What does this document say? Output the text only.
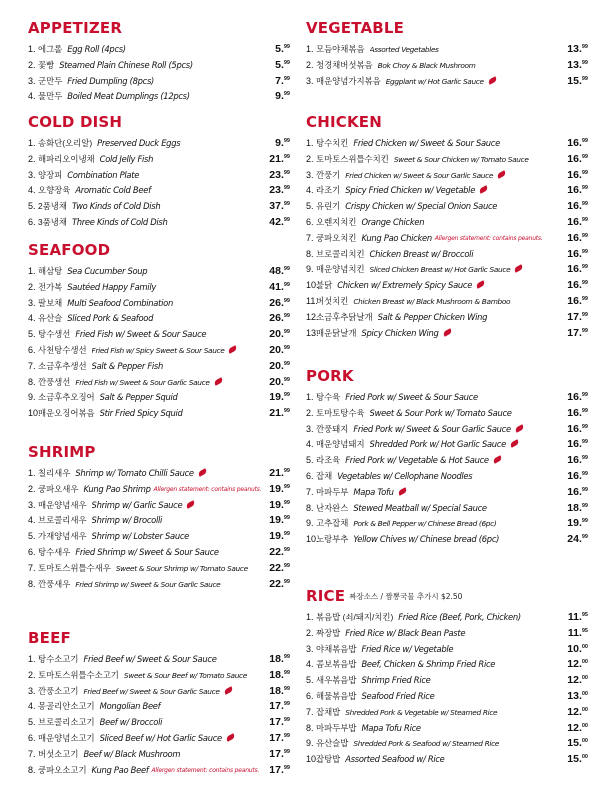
APPETIZER
1. 에그롤 Egg Roll (4pcs)	5.99
2. 꽃빵 Steamed Plain Chinese Roll (5pcs)	5.99
3. 군만두 Fried Dumpling (8pcs)	7.99
4. 물만두 Boiled Meat Dumplings (12pcs)	9.99
COLD DISH
1. 송화단(오리알) Preserved Duck Eggs	9.99
2. 해파리오이냉채 Cold Jelly Fish	21.99
3. 양장피 Combination Plate	23.99
4. 오향장육 Aromatic Cold Beef	23.99
5. 2품냉채 Two Kinds of Cold Dish	37.99
6. 3품냉채 Three Kinds of Cold Dish	42.99
SEAFOOD
1. 해삼탕 Sea Cucumber Soup	48.99
2. 전가복 Sautéed Happy Family	41.99
3. 팔보채 Multi Seafood Combination	26.99
4. 유산슬 Sliced Pork & Seafood	26.99
5. 탕수생선 Fried Fish w/ Sweet & Sour Sauce	20.99
6. 사천탕수생선 Fried Fish w/ Spicy Sweet & Sour Sauce	20.99
7. 소금후추생선 Salt & Pepper Fish	20.99
8. 깐풍생선 Fried Fish w/ Sweet & Sour Garlic Sauce	20.99
9. 소금후추오징어 Salt & Pepper Squid	19.99
10.
매운오징어볶음 Stir Fried Spicy Squid	21.99
SHRIMP
1. 칠리새우 Shrimp w/ Tomato Chilli Sauce	21.99
2. 쿵파오새우 Kung Pao Shrimp Allergen statement: contains peanuts. 19.99
3. 매운양념새우 Shrimp w/ Garlic Sauce	19.99
4. 브로콜리새우 Shrimp w/ Brocolli	19.99
5. 가재양념새우 Shrimp w/ Lobster Sauce	19.99
6. 탕수새우 Fried Shrimp w/ Sweet & Sour Sauce	22.99
7. 토마토스위틀수새우 Sweet & Sour Shrimp w/ Tomato Sauce	22.99
8. 깐풍새우 Fried Shrimp w/ Sweet & Sour Garlic Sauce	22.99
BEEF
1. 탕수소고기 Fried Beef w/ Sweet & Sour Sauce	18.99
2. 토마토스위틀수소고기 Sweet & Sour Beef w/ Tomato Sauce	18.99
3. 깐풍소고기 Fried Beef w/ Sweet & Sour Garlic Sauce	18.99
4. 몽골리안소고기 Mongolian Beef	17.99
5. 브로콜리소고기 Beef w/ Broccoli	17.99
6. 매운양념소고기 Sliced Beef w/ Hot Garlic Sauce	17.99
7. 버섯소고기 Beef w/ Black Mushroom	17.99
8. 쿵파오소고기 Kung Pao Beef Allergen statement: contains peanuts. 17.99
VEGETABLE
1. 모듬야채볶음 Assorted Vegetables	13.99
2. 청경채버섯볶음 Bok Choy & Black Mushroom	13.99
3. 매운양념가지볶음 Eggplant w/ Hot Garlic Sauce	15.99
CHICKEN
1. 탕수치킨 Fried Chicken w/ Sweet & Sour Sauce	16.99
2. 토마토스위틀수치킨 Sweet & Sour Chicken w/ Tomato Sauce	16.99
3. 깐풍기 Fried Chicken w/ Sweet & Sour Garlic Sauce	16.99
4. 라조기 Spicy Fried Chicken w/ Vegetable	16.99
5. 유린기 Crispy Chicken w/ Special Onion Sauce	16.99
6. 오렌지치킨 Orange Chicken	16.99
7. 쿵파오치킨 Kung Pao Chicken Allergen statement: contains peanuts.	16.99
8. 브로콜리치킨 Chicken Breast w/ Broccoli	16.99
9. 매운양념치킨 Sliced Chicken Breast w/ Hot Garlic Sauce	16.99
10.
불닭 Chicken w/ Extremely Spicy Sauce	16.99
11.
버섯치킨 Chicken Breast w/ Black Mushroom & Bamboo	16.99
12.
소금후추닭날개 Salt & Pepper Chicken Wing	17.99
13.
매운닭날개 Spicy Chicken Wing	17.99
PORK
1. 탕수육 Fried Pork w/ Sweet & Sour Sauce	16.99
2. 토마토탕수육 Sweet & Sour Pork w/ Tomato Sauce	16.99
3. 깐풍돼지 Fried Pork w/ Sweet & Sour Garlic Sauce	16.99
4. 매운양념돼지 Shredded Pork w/ Hot Garlic Sauce	16.99
5. 라조육 Fried Pork w/ Vegetable & Hot Sauce	16.99
6. 잡채 Vegetables w/ Cellophane Noodles	16.99
7. 마파두부 Mapa Tofu	16.99
8. 난자완스 Stewed Meatball w/ Special Sauce	18.99
9. 고추잡채 Pork & Bell Pepper w/ Chinese Bread (6pc)	19.99
10.
노랑부추 Yellow Chives w/ Chinese bread (6pc)	24.99
RICE 짜장소스 / 짬뽕국물 추가시 $2.50
1. 볶음밥 (쇠/돼지/치킨) Fried Rice (Beef, Pork, Chicken)	11.95
2. 짜장밥 Fried Rice w/ Black Bean Paste	11.95
3. 야채볶음밥 Fried Rice w/ Vegetable	10.00
4. 콤보볶음밥 Beef, Chicken & Shrimp Fried Rice	12.00
5. 새우볶음밥 Shrimp Fried Rice	12.00
6. 해물볶음밥 Seafood Fried Rice	13.00
7. 잡채밥 Shredded Pork & Vegetable w/ Steamed Rice	12.00
8. 마파두부밥 Mapa Tofu Rice	12.00
9. 유산슬밥 Shredded Pork & Seafood w/ Steamed Rice	15.00
10.
잡탕밥 Assorted Seafood w/ Rice	15.00
